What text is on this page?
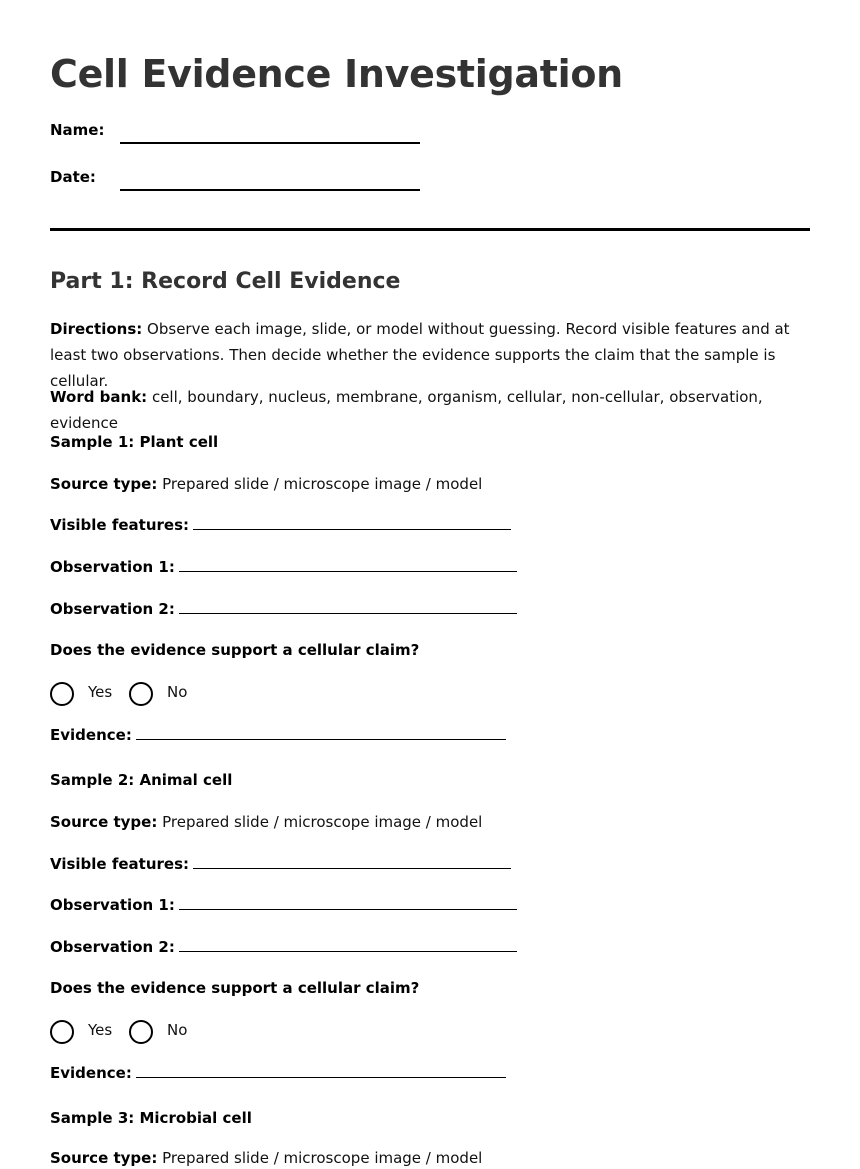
Cell Evidence Investigation
Name:
Date:
Part 1: Record Cell Evidence
Directions: Observe each image, slide, or model without guessing. Record visible features and at least two observations. Then decide whether the evidence supports the claim that the sample is cellular.
Word bank: cell, boundary, nucleus, membrane, organism, cellular, non-cellular, observation, evidence
Sample 1: Plant cell
Source type: Prepared slide / microscope image / model
Visible features:
Observation 1:
Observation 2:
Does the evidence support a cellular claim?
Yes	No
Evidence:
Sample 2: Animal cell
Source type: Prepared slide / microscope image / model
Visible features:
Observation 1:
Observation 2:
Does the evidence support a cellular claim?
Yes	No
Evidence:
Sample 3: Microbial cell
Source type: Prepared slide / microscope image / model
